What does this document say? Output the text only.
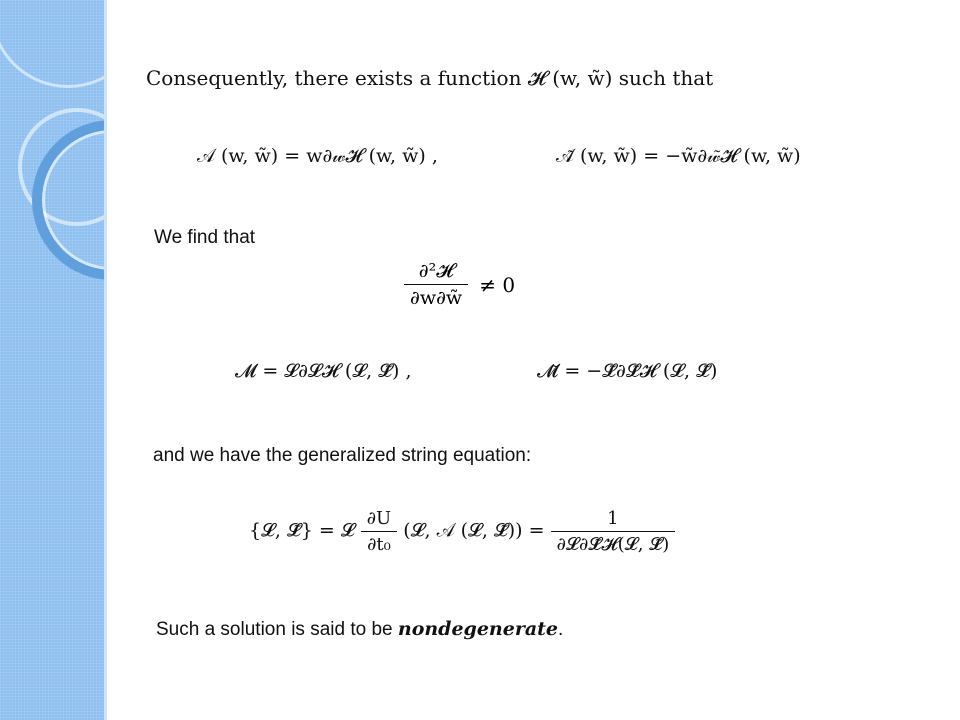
Consequently, there exists a function 𝓗 (w, w̃) such that
𝒜 (w, w̃) = w∂𝓌𝓗 (w, w̃) ,	𝒜̃ (w, w̃) = −w̃∂𝓌̃𝓗 (w, w̃)
We find that
$\frac{\text{∂²𝓗}}{\partial w\partial w̃} \ne 0$
𝓜 = 𝓛∂𝓛𝓗 (𝓛, 𝓛̃) ,	𝓜̃ = −𝓛̃∂𝓛̃𝓗 (𝓛, 𝓛̃)
and we have the generalized string equation:
{𝓛, 𝓛̃} = 𝓛 $\frac{\partial U}{\text{∂t₀}}$ (𝓛, 𝒜 (𝓛, 𝓛̃)) = $\frac{1}{\text{∂𝓛∂𝓛̃𝓗(𝓛, 𝓛̃)}}$
Such a solution is said to be nondegenerate.
